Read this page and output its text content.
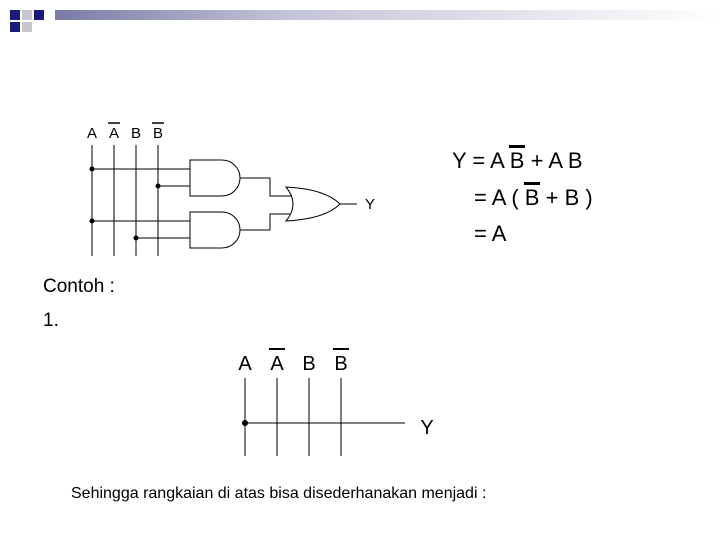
A A B B
Y
Y = A B + A B
= A ( B + B )
= A

Contoh :

1.

A A B B
Y

Sehingga rangkaian di atas bisa disederhanakan menjadi :
